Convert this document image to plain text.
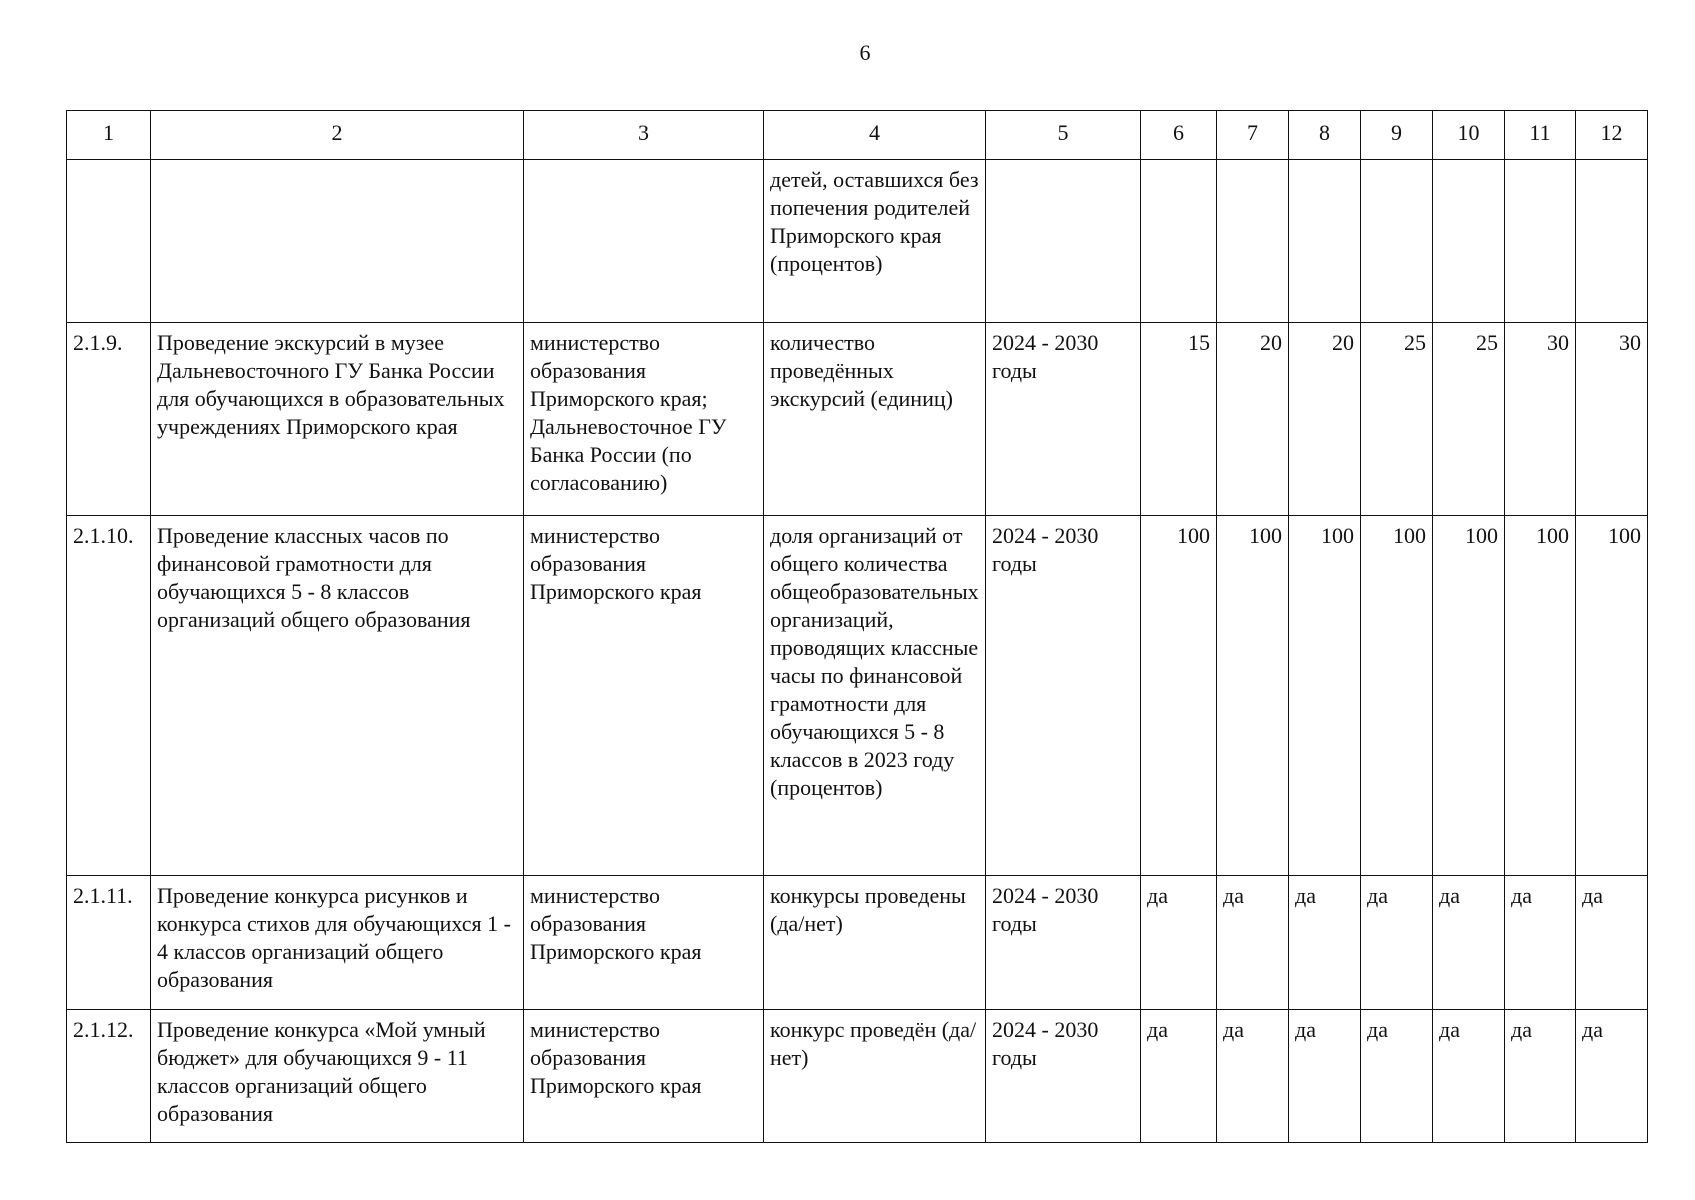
6
1	2	3	4	5	6	7	8	9	10	11	12
			детей, оставшихся без попечения родителей Приморского края (процентов)								
2.1.9.	Проведение экскурсий в музее Дальневосточного ГУ Банка России для обучающихся в образовательных учреждениях Приморского края	министерство образования Приморского края; Дальневосточное ГУ Банка России (по согласованию)	количество проведённых экскурсий (единиц)	2024 - 2030 годы	15	20	20	25	25	30	30
2.1.10.	Проведение классных часов по финансовой грамотности для обучающихся 5 - 8 классов организаций общего образования	министерство образования Приморского края	доля организаций от общего количества общеобразовательных организаций, проводящих классные часы по финансовой грамотности для обучающихся 5 - 8 классов в 2023 году (процентов)	2024 - 2030 годы	100	100	100	100	100	100	100
2.1.11.	Проведение конкурса рисунков и конкурса стихов для обучающихся 1 - 4 классов организаций общего образования	министерство образования Приморского края	конкурсы проведены (да/нет)	2024 - 2030 годы	да	да	да	да	да	да	да
2.1.12.	Проведение конкурса «Мой умный бюджет» для обучающихся 9 - 11 классов организаций общего образования	министерство образования Приморского края	конкурс проведён (да/нет)	2024 - 2030 годы	да	да	да	да	да	да	да
